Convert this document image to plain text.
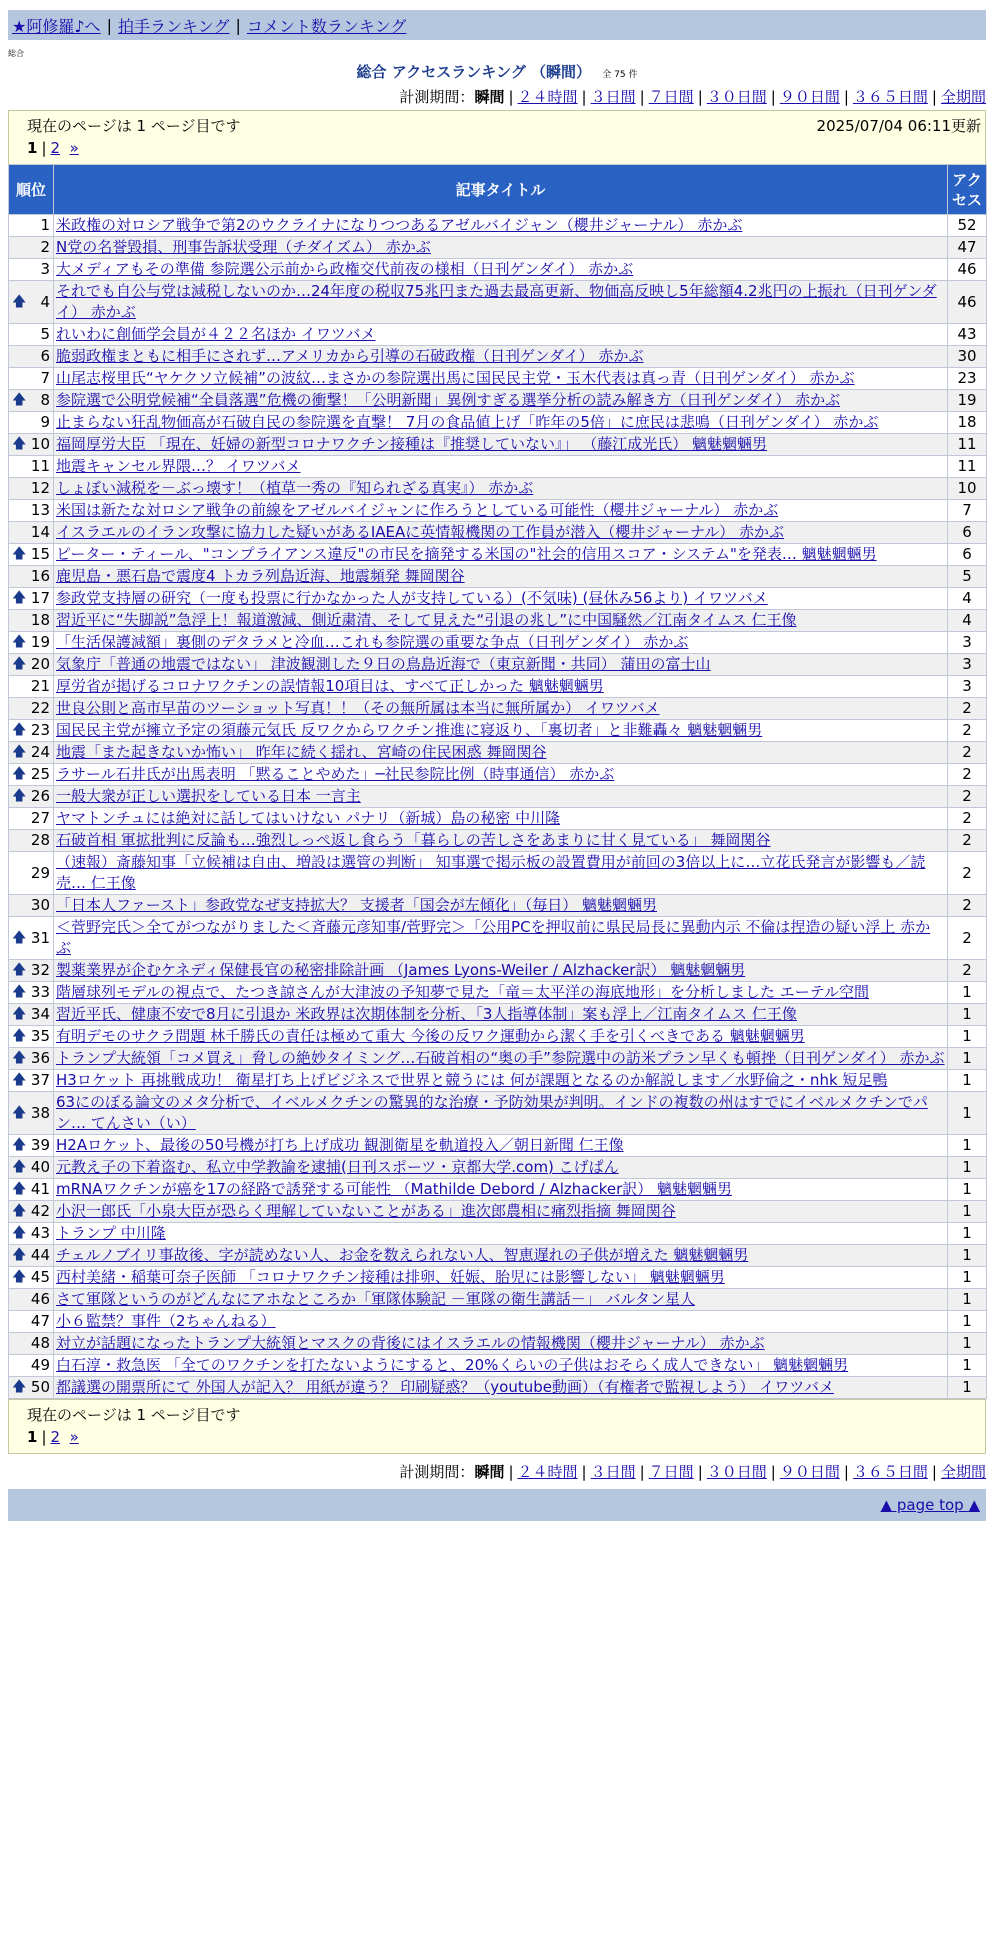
★阿修羅♪へ | 拍手ランキング | コメント数ランキング
総合
総合 アクセスランキング （瞬間） 全 75 件
計測期間：瞬間 | ２４時間 | ３日間 | ７日間 | ３０日間 | ９０日間 | ３６５日間 | 全期間
現在のページは 1 ページ目です	2025/07/04 06:11更新
1 | 2 »
順位	記事タイトル	アクセス
1	米政権の対ロシア戦争で第2のウクライナになりつつあるアゼルバイジャン（櫻井ジャーナル） 赤かぶ	52
2	N党の名誉毀損、刑事告訴状受理（チダイズム） 赤かぶ	47
3	大メディアもその準備 参院選公示前から政権交代前夜の様相（日刊ゲンダイ） 赤かぶ	46

🡅 4	それでも自公与党は減税しないのか…24年度の税収75兆円また過去最高更新、物価高反映し5年総額4.2兆円の上振れ（日刊ゲンダイ） 赤かぶ	46
5	れいわに創価学会員が４２２名ほか イワツバメ	43
6	脆弱政権まともに相手にされず…アメリカから引導の石破政権（日刊ゲンダイ） 赤かぶ	30
7	山尾志桜里氏“ヤケクソ立候補”の波紋…まさかの参院選出馬に国民民主党・玉木代表は真っ青（日刊ゲンダイ） 赤かぶ	23

🡅 8	参院選で公明党候補“全員落選”危機の衝撃！「公明新聞」異例すぎる選挙分析の読み解き方（日刊ゲンダイ） 赤かぶ	19
9	止まらない狂乱物価高が石破自民の参院選を直撃！ 7月の食品値上げ「昨年の5倍」に庶民は悲鳴（日刊ゲンダイ） 赤かぶ	18

🡅 10	福岡厚労大臣 「現在、妊婦の新型コロナワクチン接種は『推奨していない』」 （藤江成光氏） 魑魅魍魎男	11
11	地震キャンセル界隈…？ イワツバメ	11
12	しょぼい減税を－ぶっ壊す！（植草一秀の『知られざる真実』） 赤かぶ	10
13	米国は新たな対ロシア戦争の前線をアゼルバイジャンに作ろうとしている可能性（櫻井ジャーナル） 赤かぶ	7
14	イスラエルのイラン攻撃に協力した疑いがあるIAEAに英情報機関の工作員が潜入（櫻井ジャーナル） 赤かぶ	6

🡅 15	ピーター・ティール、"コンプライアンス違反"の市民を摘発する米国の"社会的信用スコア・システム"を発表… 魑魅魍魎男	6
16	鹿児島・悪石島で震度4 トカラ列島近海、地震頻発 舞岡関谷	5

🡅 17	参政党支持層の研究（一度も投票に行かなかった人が支持している）(不気味) (昼休み56より) イワツバメ	4
18	習近平に“失脚説”急浮上！報道激減、側近粛清、そして見えた“引退の兆し”に中国騒然／江南タイムス 仁王像	4

🡅 19	「生活保護減額」裏側のデタラメと冷血…これも参院選の重要な争点（日刊ゲンダイ） 赤かぶ	3

🡅 20	気象庁「普通の地震ではない」 津波観測した９日の鳥島近海で（東京新聞・共同） 蒲田の富士山	3
21	厚労省が掲げるコロナワクチンの誤情報10項目は、すべて正しかった 魑魅魍魎男	3
22	世良公則と高市早苗のツーショット写真！！（その無所属は本当に無所属か） イワツバメ	2

🡅 23	国民民主党が擁立予定の須藤元気氏 反ワクからワクチン推進に寝返り、「裏切者」と非難轟々 魑魅魍魎男	2

🡅 24	地震「また起きないか怖い」 昨年に続く揺れ、宮崎の住民困惑 舞岡関谷	2

🡅 25	ラサール石井氏が出馬表明 「黙ることやめた」─社民参院比例（時事通信） 赤かぶ	2

🡅 26	一般大衆が正しい選択をしている日本 一言主	2
27	ヤマトンチュには絶対に話してはいけない パナリ（新城）島の秘密 中川隆	2
28	石破首相 軍拡批判に反論も…強烈しっぺ返し食らう「暮らしの苦しさをあまりに甘く見ている」 舞岡関谷	2
29	（速報）斎藤知事「立候補は自由、増設は選管の判断」 知事選で掲示板の設置費用が前回の3倍以上に…立花氏発言が影響も／読売… 仁王像	2
30	「日本人ファースト」参政党なぜ支持拡大？ 支援者「国会が左傾化」（毎日） 魑魅魍魎男	2

🡅 31	＜菅野完氏＞全てがつながりました＜斉藤元彦知事/菅野完＞「公用PCを押収前に県民局長に異動内示 不倫は捏造の疑い浮上 赤かぶ	2

🡅 32	製薬業界が企むケネディ保健長官の秘密排除計画 （James Lyons-Weiler / Alzhacker訳） 魑魅魍魎男	2

🡅 33	階層球列モデルの視点で、たつき諒さんが大津波の予知夢で見た「竜＝太平洋の海底地形」を分析しました エーテル空間	1

🡅 34	習近平氏、健康不安で8月に引退か 米政界は次期体制を分析、「3人指導体制」案も浮上／江南タイムス 仁王像	1

🡅 35	有明デモのサクラ問題 林千勝氏の責任は極めて重大 今後の反ワク運動から潔く手を引くべきである 魑魅魍魎男	1

🡅 36	トランプ大統領「コメ買え」脅しの絶妙タイミング…石破首相の“奥の手”参院選中の訪米プラン早くも頓挫（日刊ゲンダイ） 赤かぶ	1

🡅 37	H3ロケット 再挑戦成功！ 衛星打ち上げビジネスで世界と競うには 何が課題となるのか解説します／水野倫之・nhk 短足鴨	1

🡅 38	63にのぼる論文のメタ分析で、イベルメクチンの驚異的な治療・予防効果が判明。インドの複数の州はすでにイベルメクチンでパン… てんさい（い）	1

🡅 39	H2Aロケット、最後の50号機が打ち上げ成功 観測衛星を軌道投入／朝日新聞 仁王像	1

🡅 40	元教え子の下着盗む、私立中学教諭を逮捕(日刊スポーツ・京都大学.com) こげぱん	1

🡅 41	mRNAワクチンが癌を17の経路で誘発する可能性 （Mathilde Debord / Alzhacker訳） 魑魅魍魎男	1

🡅 42	小沢一郎氏「小泉大臣が恐らく理解していないことがある」進次郎農相に痛烈指摘 舞岡関谷	1

🡅 43	トランプ 中川隆	1

🡅 44	チェルノブイリ事故後、字が読めない人、お金を数えられない人、智恵遅れの子供が増えた 魑魅魍魎男	1

🡅 45	西村美緒・稲葉可奈子医師 「コロナワクチン接種は排卵、妊娠、胎児には影響しない」 魑魅魍魎男	1
46	さて軍隊というのがどんなにアホなところか「軍隊体験記 －軍隊の衛生講話－」 バルタン星人	1
47	小６監禁？事件（2ちゃんねる）	1
48	対立が話題になったトランプ大統領とマスクの背後にはイスラエルの情報機関（櫻井ジャーナル） 赤かぶ	1
49	白石淳・救急医 「全てのワクチンを打たないようにすると、20%くらいの子供はおそらく成人できない」 魑魅魍魎男	1

🡅 50	都議選の開票所にて 外国人が記入？ 用紙が違う？ 印刷疑惑？（youtube動画）（有権者で監視しよう） イワツバメ	1
現在のページは 1 ページ目です
1 | 2 »
計測期間：瞬間 | ２４時間 | ３日間 | ７日間 | ３０日間 | ９０日間 | ３６５日間 | 全期間
▲ page top ▲
